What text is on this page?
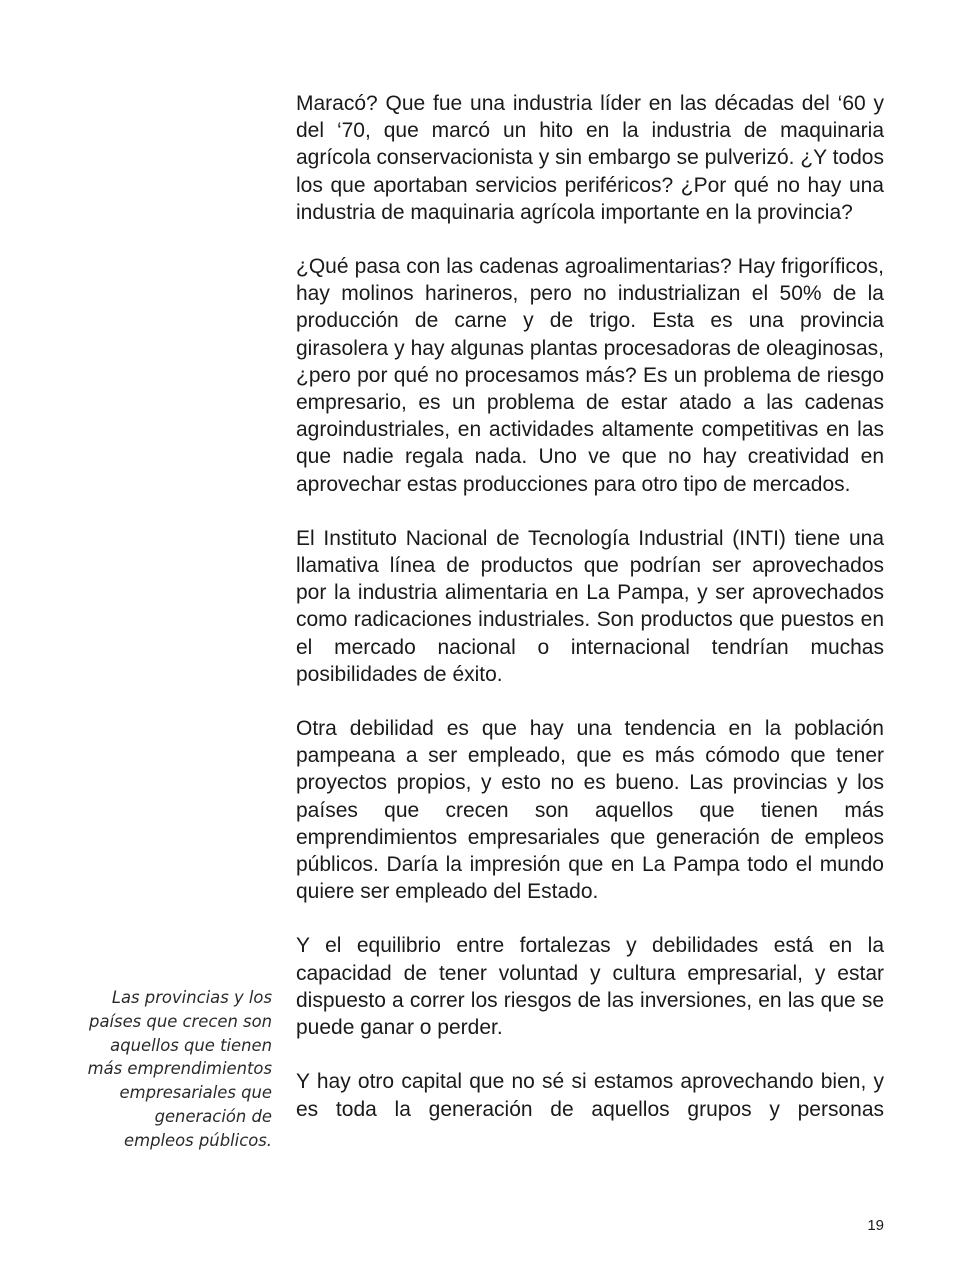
Maracó? Que fue una industria líder en las décadas del ‘60 y del ‘70, que marcó un hito en la industria de maquinaria agrícola conservacionista y sin embargo se pulverizó. ¿Y todos los que aportaban servicios periféricos? ¿Por qué no hay una industria de maquinaria agrícola importante en la provincia?

¿Qué pasa con las cadenas agroalimentarias? Hay frigoríficos, hay molinos harineros, pero no industrializan el 50% de la producción de carne y de trigo. Esta es una provincia girasolera y hay algunas plantas procesadoras de oleaginosas, ¿pero por qué no procesamos más? Es un problema de riesgo empresario, es un problema de estar atado a las cadenas agroindustriales, en actividades altamente competitivas en las que nadie regala nada. Uno ve que no hay creatividad en aprovechar estas producciones para otro tipo de mercados.

El Instituto Nacional de Tecnología Industrial (INTI) tiene una llamativa línea de productos que podrían ser aprovechados por la industria alimentaria en La Pampa, y ser aprovechados como radicaciones industriales. Son productos que puestos en el mercado nacional o internacional tendrían muchas posibilidades de éxito.

Otra debilidad es que hay una tendencia en la población pampeana a ser empleado, que es más cómodo que tener proyectos propios, y esto no es bueno. Las provincias y los países que crecen son aquellos que tienen más emprendimientos empresariales que generación de empleos públicos. Daría la impresión que en La Pampa todo el mundo quiere ser empleado del Estado.

Y el equilibrio entre fortalezas y debilidades está en la capacidad de tener voluntad y cultura empresarial, y estar dispuesto a correr los riesgos de las inversiones, en las que se puede ganar o perder.

Y hay otro capital que no sé si estamos aprovechando bien, y es toda la generación de aquellos grupos y personas

Las provincias y los países que crecen son aquellos que tienen más emprendimientos empresariales que generación de empleos públicos.
19
